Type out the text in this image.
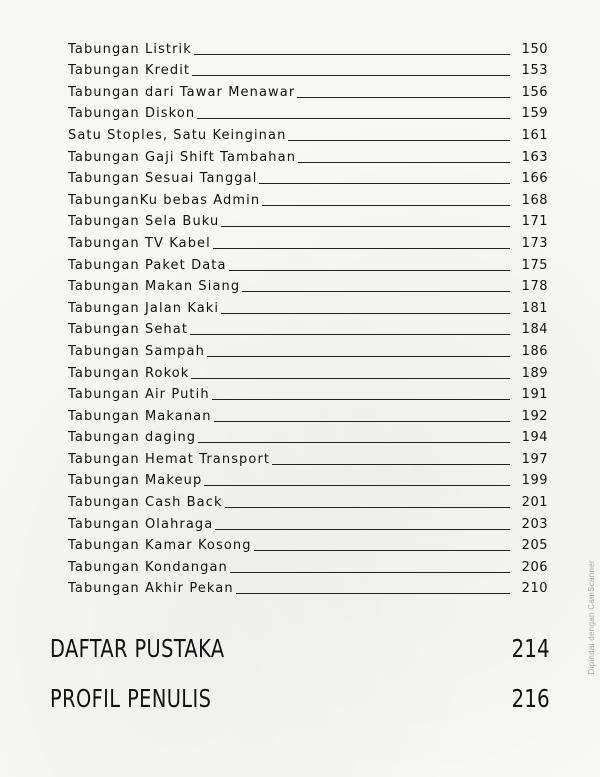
Tabungan Listrik	150
Tabungan Kredit	153
Tabungan dari Tawar Menawar	156
Tabungan Diskon	159
Satu Stoples, Satu Keinginan	161
Tabungan Gaji Shift Tambahan	163
Tabungan Sesuai Tanggal	166
TabunganKu bebas Admin	168
Tabungan Sela Buku	171
Tabungan TV Kabel	173
Tabungan Paket Data	175
Tabungan Makan Siang	178
Tabungan Jalan Kaki	181
Tabungan Sehat	184
Tabungan Sampah	186
Tabungan Rokok	189
Tabungan Air Putih	191
Tabungan Makanan	192
Tabungan daging	194
Tabungan Hemat Transport	197
Tabungan Makeup	199
Tabungan Cash Back	201
Tabungan Olahraga	203
Tabungan Kamar Kosong	205
Tabungan Kondangan	206
Tabungan Akhir Pekan	210
DAFTAR PUSTAKA	214
PROFIL PENULIS	216
Dipindai dengan CamScanner
